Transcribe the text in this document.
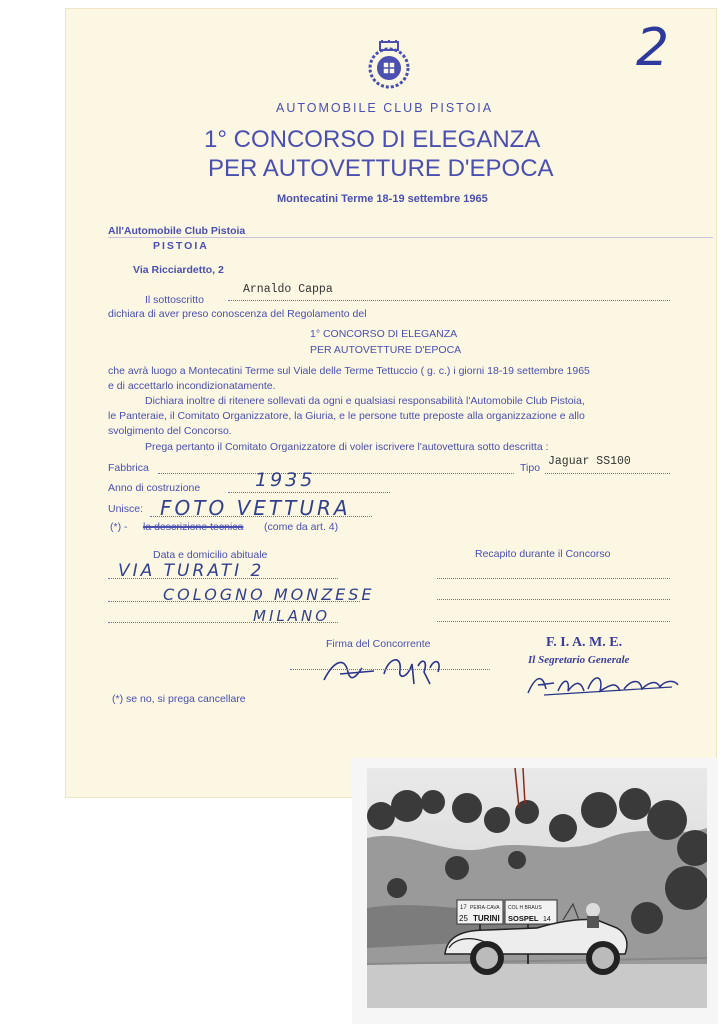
2
AUTOMOBILE CLUB PISTOIA
1° CONCORSO DI ELEGANZA
PER AUTOVETTURE D'EPOCA
Montecatini Terme 18-19 settembre 1965
All'Automobile Club Pistoia
PISTOIA
Via Ricciardetto, 2
Il sottoscritto
Arnaldo Cappa
dichiara di aver preso conoscenza del Regolamento del
1° CONCORSO DI ELEGANZA
PER AUTOVETTURE D'EPOCA
che avrà luogo a Montecatini Terme sul Viale delle Terme Tettuccio ( g. c.) i giorni 18-19 settembre 1965
e di accettarlo incondizionatamente.
Dichiara inoltre di ritenere sollevati da ogni e qualsiasi responsabilità l'Automobile Club Pistoia,
le Panteraie, il Comitato Organizzatore, la Giuria, e le persone tutte preposte alla organizzazione e allo
svolgimento del Concorso.
Prega pertanto il Comitato Organizzatore di voler iscrivere l'autovettura sotto descritta :
Fabbrica	Tipo Jaguar SS100
Anno di costruzione	1935
Unisce: FOTO VETTURA
(*) - la descrizione tecnica (come da art. 4)
Data e domicilio abituale	Recapito durante il Concorso
VIA TURATI 2
COLOGNO MONZESE
MILANO
Firma del Concorrente	F. I. A. M. E.
Il Segretario Generale
(*) se no, si prega cancellare
17 PEIRA-CAVA
25 TURINI
COL H BRAUS
SOSPEL 14
